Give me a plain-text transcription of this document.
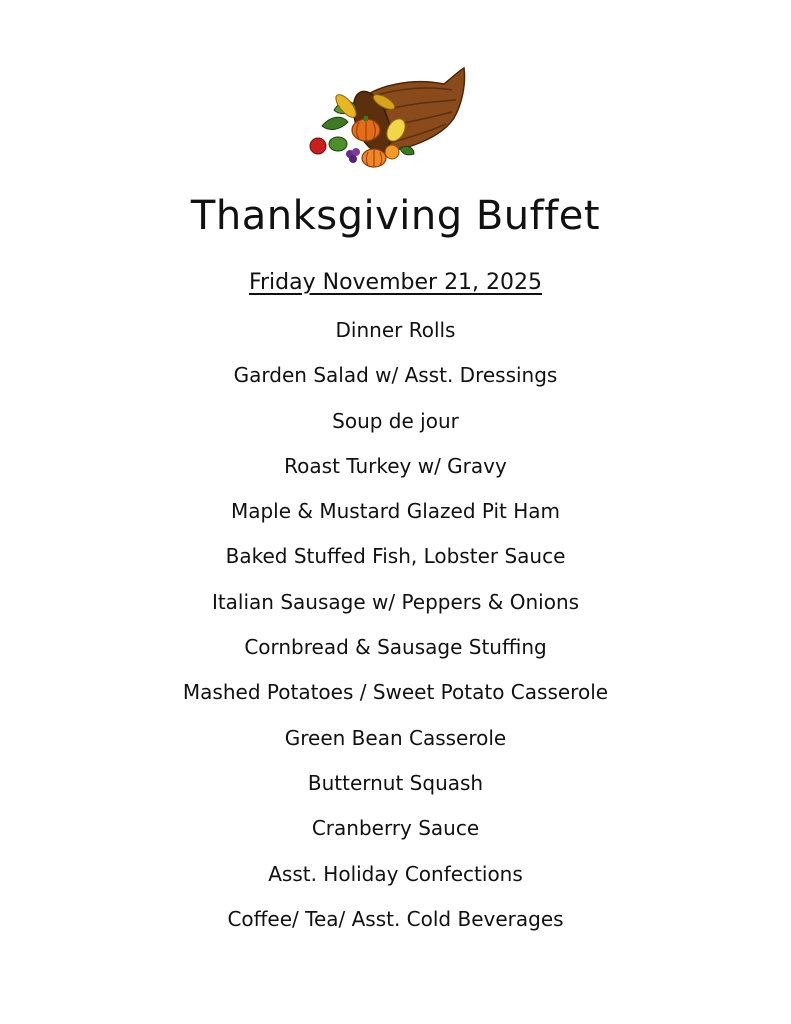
Thanksgiving Buffet
Friday November 21, 2025
Dinner Rolls
Garden Salad w/ Asst. Dressings
Soup de jour
Roast Turkey w/ Gravy
Maple & Mustard Glazed Pit Ham
Baked Stuffed Fish, Lobster Sauce
Italian Sausage w/ Peppers & Onions
Cornbread & Sausage Stuffing
Mashed Potatoes / Sweet Potato Casserole
Green Bean Casserole
Butternut Squash
Cranberry Sauce
Asst. Holiday Confections
Coffee/ Tea/ Asst. Cold Beverages
